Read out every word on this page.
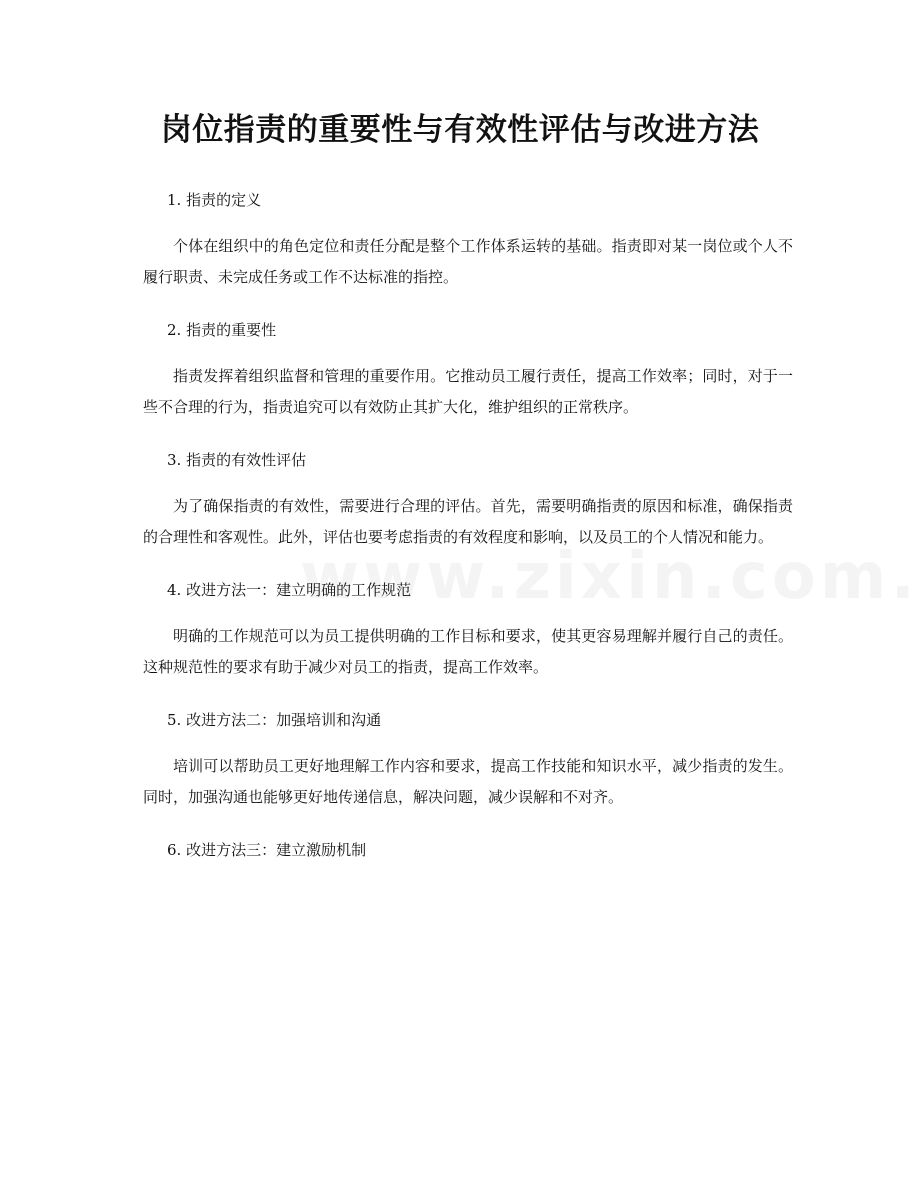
岗位指责的重要性与有效性评估与改进方法
1. 指责的定义

个体在组织中的角色定位和责任分配是整个工作体系运转的基础。指责即对某一岗位或个人不履行职责、未完成任务或工作不达标准的指控。

2. 指责的重要性

指责发挥着组织监督和管理的重要作用。它推动员工履行责任，提高工作效率；同时，对于一些不合理的行为，指责追究可以有效防止其扩大化，维护组织的正常秩序。

3. 指责的有效性评估

为了确保指责的有效性，需要进行合理的评估。首先，需要明确指责的原因和标准，确保指责的合理性和客观性。此外，评估也要考虑指责的有效程度和影响，以及员工的个人情况和能力。

4. 改进方法一：建立明确的工作规范

明确的工作规范可以为员工提供明确的工作目标和要求，使其更容易理解并履行自己的责任。这种规范性的要求有助于减少对员工的指责，提高工作效率。

5. 改进方法二：加强培训和沟通

培训可以帮助员工更好地理解工作内容和要求，提高工作技能和知识水平，减少指责的发生。同时，加强沟通也能够更好地传递信息，解决问题，减少误解和不对齐。

6. 改进方法三：建立激励机制
